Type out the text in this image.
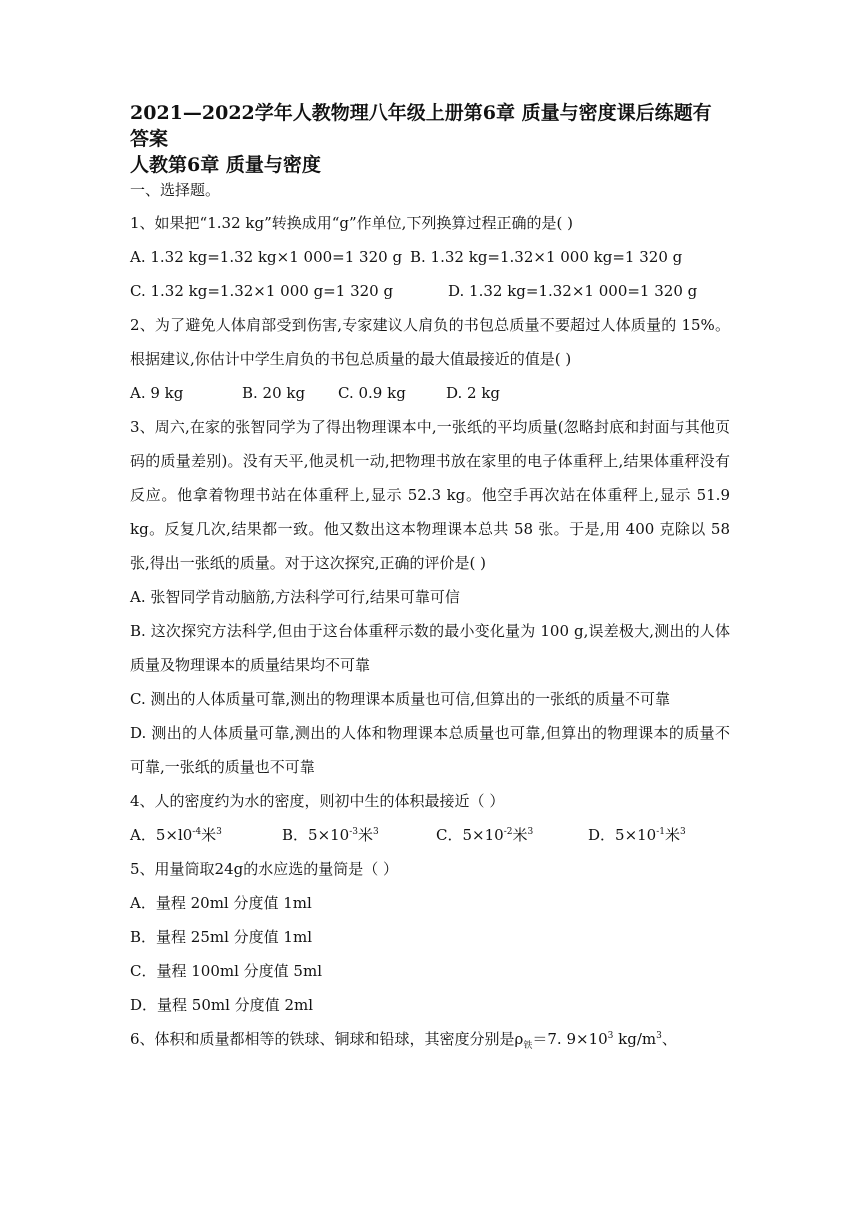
2021—2022学年人教物理八年级上册第6章 质量与密度课后练题有答案

人教第6章 质量与密度

一、选择题。

1、如果把“1.32 kg”转换成用“g”作单位,下列换算过程正确的是( )

A. 1.32 kg=1.32 kg×1 000=1 320 g B. 1.32 kg=1.32×1 000 kg=1 320 g
C. 1.32 kg=1.32×1 000 g=1 320 g	D. 1.32 kg=1.32×1 000=1 320 g

2、为了避免人体肩部受到伤害,专家建议人肩负的书包总质量不要超过人体质量的 15%。根据建议,你估计中学生肩负的书包总质量的最大值最接近的值是( )

A. 9 kg	B. 20 kg	C. 0.9 kg	D. 2 kg

3、周六,在家的张智同学为了得出物理课本中,一张纸的平均质量(忽略封底和封面与其他页码的质量差别)。没有天平,他灵机一动,把物理书放在家里的电子体重秤上,结果体重秤没有反应。他拿着物理书站在体重秤上,显示 52.3 kg。他空手再次站在体重秤上,显示 51.9 kg。反复几次,结果都一致。他又数出这本物理课本总共 58 张。于是,用 400 克除以 58 张,得出一张纸的质量。对于这次探究,正确的评价是( )

A. 张智同学肯动脑筋,方法科学可行,结果可靠可信

B. 这次探究方法科学,但由于这台体重秤示数的最小变化量为 100 g,误差极大,测出的人体质量及物理课本的质量结果均不可靠

C. 测出的人体质量可靠,测出的物理课本质量也可信,但算出的一张纸的质量不可靠

D. 测出的人体质量可靠,测出的人体和物理课本总质量也可靠,但算出的物理课本的质量不可靠,一张纸的质量也不可靠

4、人的密度约为水的密度，则初中生的体积最接近（ ）

A．$5\times l0^{-4}$米$^3$	B．$5\times 10^{-3}$米$^3$	C．$5\times 10^{-2}$米$^3$	D．$5\times 10^{-1}$米$^3$

5、用量筒取24g的水应选的量筒是（ ）

A．量程 20ml 分度值 1ml

B．量程 25ml 分度值 1ml

C．量程 100ml 分度值 5ml

D．量程 50ml 分度值 2ml

6、体积和质量都相等的铁球、铜球和铅球，其密度分别是$\rho_铁=7$. $9\times 10^3$ $kg/m^3$、
